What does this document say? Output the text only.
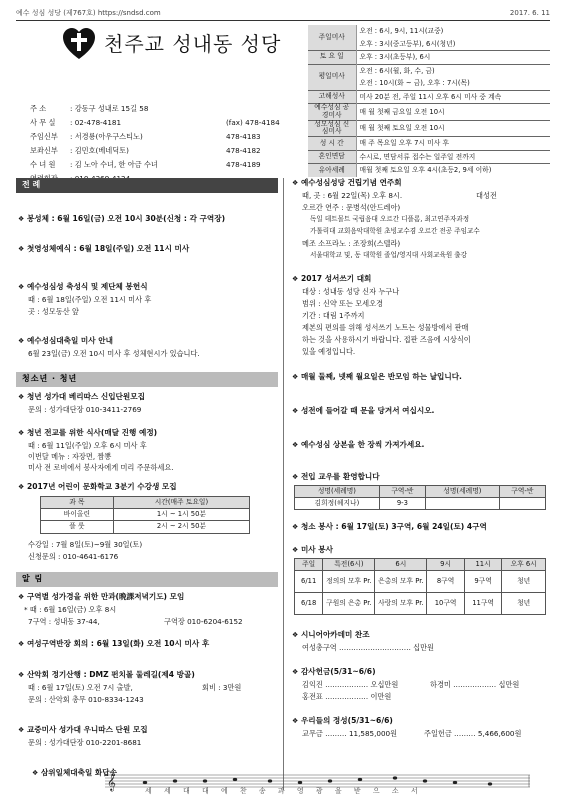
예수 성심 성당 (제767호) https://sndsd.com	2017. 6. 11
천주교 성내동 성당
주 소	: 강동구 성내로 15길 58
사 무 실	: 02-478-4181	(fax) 478-4184
주임신부	: 서경룡(아우구스티노)	478-4183
보좌신부	: 김민호(베네딕토)	478-4182
수 녀 원	: 김 노아 수녀, 한 아금 수녀	478-4189
주일미사	오전 : 6시, 9시, 11시(교중)
오후 : 3시(중고등부), 6시(청년)

토 요 일	오후 : 3시(초등부), 6시

평일미사	오전 : 6시(월, 화, 수, 금)
오전 : 10시(화 ~ 금), 오후 : 7시(목)

고해성사	미사 20분 전, 주일 11시 오후 6시 미사 중 계속

예수성심 공경미사	매 월 첫째 금요일 오전 10시

성모성심 신심미사	매 월 첫째 토요일 오전 10시

성 시 간	매 주 목요일 오후 7시 미사 후

혼인면담	수시로, 면담서류 접수는 일주일 전까지

유아세례	매월 첫째 토요일 오후 4시(초등2, 9세 이하)
전 례
❖ 봉성체 : 6월 16일(금) 오전 10시 30분(신청 : 각 구역장)
❖ 첫영성체예식 : 6월 18일(주일) 오전 11시 미사
❖ 예수성심성 축성식 및 제단체 봉헌식
때 : 6월 18일(주일) 오전 11시 미사 후
곳 : 성모동산 앞
❖ 예수성심대축일 미사 안내
6월 23일(금) 오전 10시 미사 후 성체현시가 있습니다.
청소년 · 청년
❖ 청년 성가대 베리따스 신입단원모집
문의 : 성가대단장 010-3411-2769
❖ 청년 전교를 위한 식사(매달 진행 예정)
때 : 6월 11일(주일) 오후 6시 미사 후
이번달 메뉴 : 자장면, 짬뽕
미사 전 로비에서 봉사자에게 미리 주문하세요.
❖ 2017년 어린이 문화학교 3분기 수강생 모집
과 목	시간(매주 토요일)
바이올린	1시 ~ 1시 50분
플 룻	2시 ~ 2시 50분
수강일 : 7월 8일(토)~9월 30일(토)
신청문의 : 010-4641-6176
알 림
❖ 구역별 성가경을 위한 만과(晩課저녁기도) 모임
* 때 : 6월 16일(금) 오후 8시
7구역 : 성내동 37-44,	구역장 010-6204-6152
❖ 여성구역반장 회의 : 6월 13일(화) 오전 10시 미사 후
❖ 산악회 정기산행 : DMZ 펀치볼 둘레길(제4 방골)
때 : 6월 17일(토) 오전 7시 출발,	회비 : 3만원
문의 : 산악회 총무 010-8334-1243
❖ 교중미사 성가대 우니따스 단원 모집
문의 : 성가대단장 010-2201-8681
❖ 삼위일체대축일 화답송
❖ 예수성심성당 건립기념 연주회
때, 곳 : 6월 22일(목) 오후 8시.	대성전
오르간 연주 : 문병석(안드레아)
독일 데트몰트 국립음대 오르간 디플롬, 최고연주자과정
가톨릭대 교회음악대학원 초빙교수겸 오르간 전공 주임교수
메조 소프라노 : 조장희(스텔라)
서울대학교 및, 동 대학원 졸업/영지대 사회교육원 출강
❖ 2017 성서쓰기 대회
대상 : 성내동 성당 신자 누구나
범위 : 신약 또는 모세오경
기간 : 대림 1주까지
제본의 편의를 위해 성서쓰기 노트는 성물방에서 판매
하는 것을 사용하시기 바랍니다. 접판 즈음에 시상식이
있을 예정입니다.
❖ 매월 둘째, 넷째 월요일은 반모임 하는 날입니다.
❖ 성전에 들어갈 때 문을 당겨서 여십시오.
❖ 예수성심 상본을 한 장씩 가져가세요.
❖ 전입 교우를 환영합니다
성명(세례명)	구역-반	성명(세례명)	구역-반
김희정(헤지나)	9-3		
❖ 청소 봉사 : 6월 17일(토) 3구역, 6월 24일(토) 4구역
❖ 미사 봉사
주일	특전(6시)	6시	9시	11시	오후 6시
6/11	정의의 모후 Pr.	은총의 모후 Pr.	8구역	9구역	청년
6/18	구원의 은총 Pr.	사랑의 모후 Pr.	10구역	11구역	청년
❖ 시니어아카데미 찬조
여성총구역 ………………………… 십만원
❖ 감사헌금(5/31~6/6)
김익진 ……………… 오십만원	하경미 ……………… 십만원
홍전표 ……………… 이만원
❖ 우리들의 정성(5/31~6/6)
교무금 ……… 11,585,000원	주일헌금 ……… 5,466,600원
𝄞	세 세 대 대 에 찬 송 과 영 광 을 받 으 소 서
